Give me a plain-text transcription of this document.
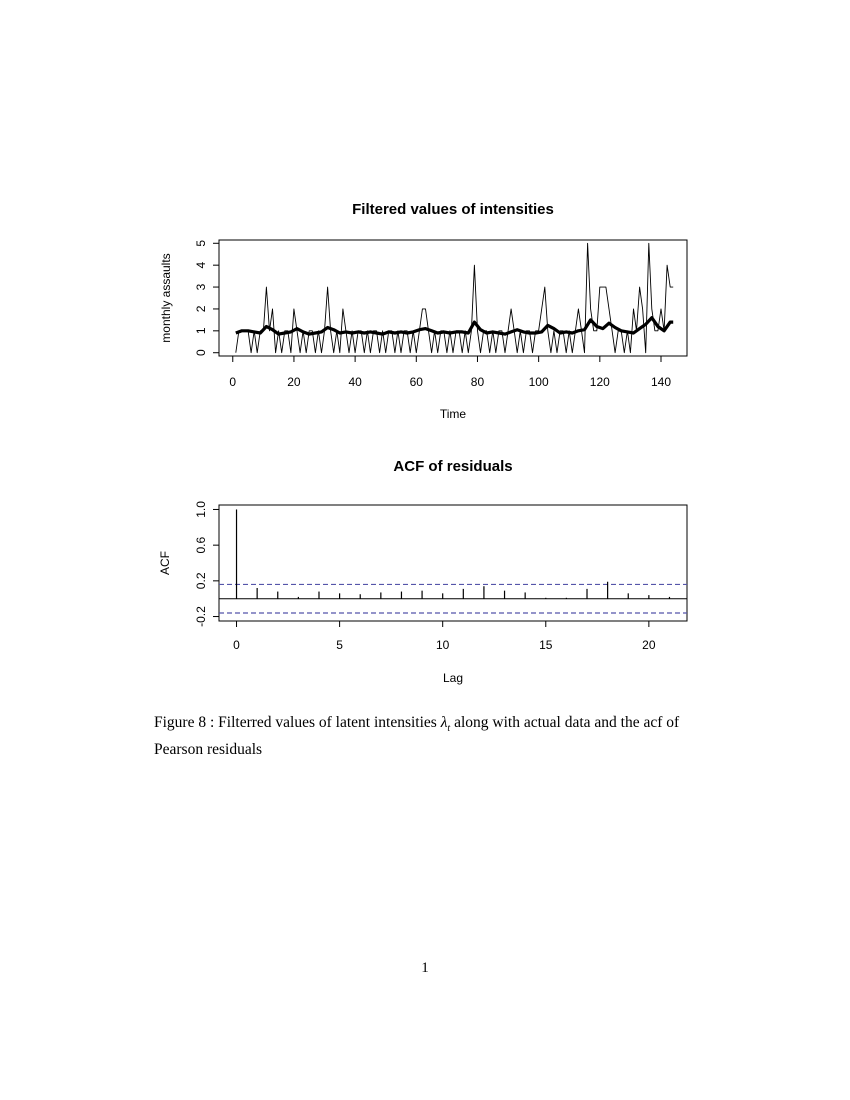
Filtered values of intensities
0	20	40	60	80	100	120	140
0
1
2
3
4
5
Time
monthly assaults
ACF of residuals
0	5	10	15	20
-0.2
0.2
0.6
1.0
Lag
ACF
Figure 8 : Filterred values of latent intensities $\lambda_t$ along with actual data and the acf of Pearson residuals
1
